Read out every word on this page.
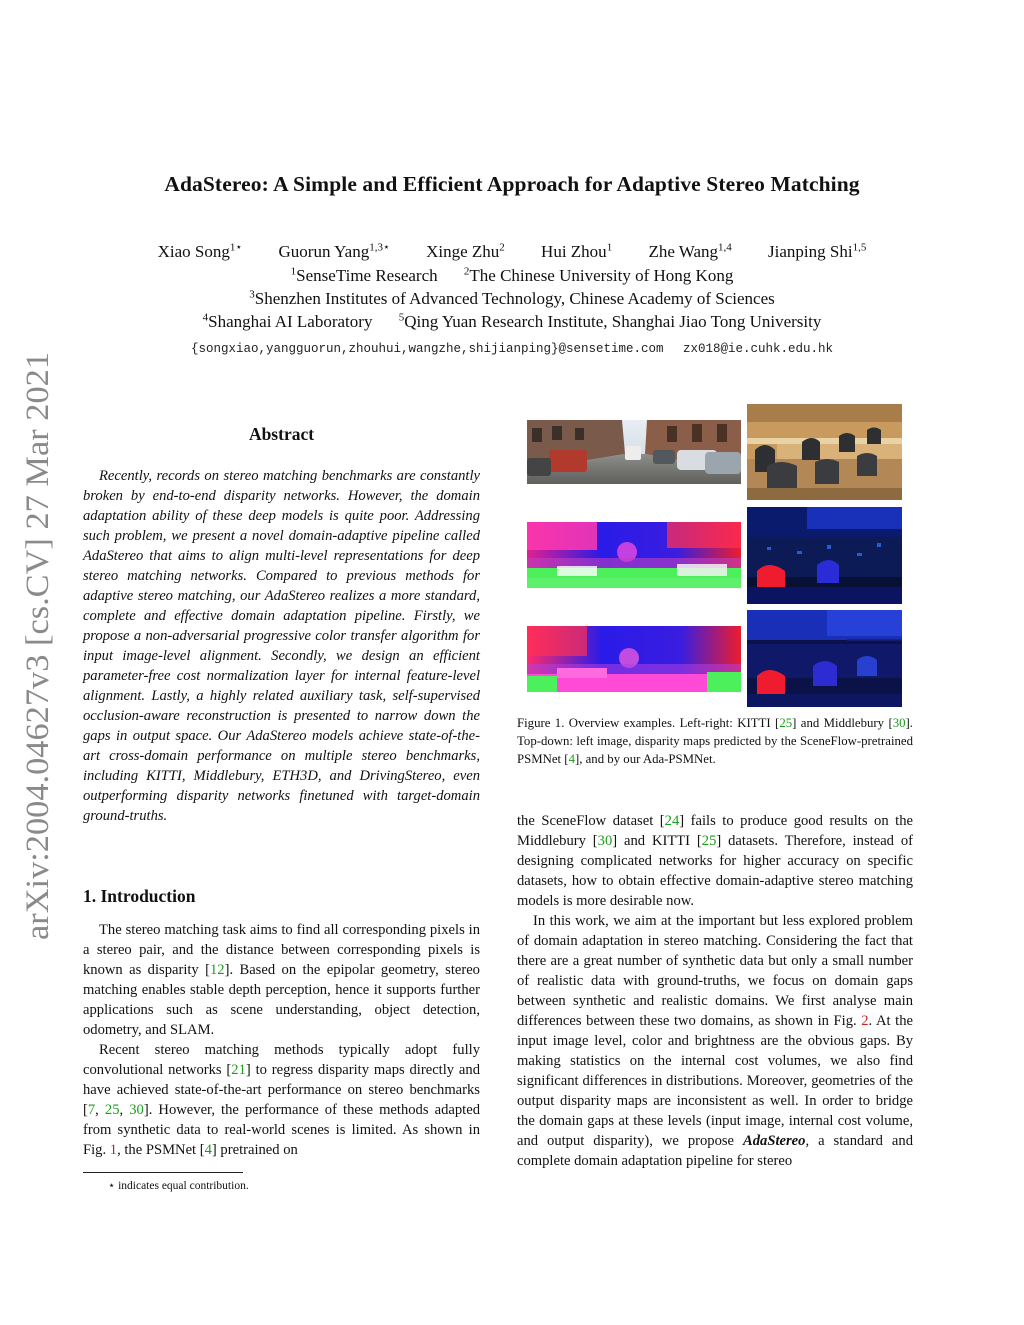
arXiv:2004.04627v3 [cs.CV] 27 Mar 2021
AdaStereo: A Simple and Efficient Approach for Adaptive Stereo Matching
Xiao Song$^{1⋆}$ Guorun Yang$^{1,3⋆}$ Xinge Zhu$^2$ Hui Zhou$^1$ Zhe Wang$^{1,4}$ Jianping Shi$^{1,5}$
$^1$SenseTime Research $^2$The Chinese University of Hong Kong
$^3$Shenzhen Institutes of Advanced Technology, Chinese Academy of Sciences
$^4$Shanghai AI Laboratory $^5$Qing Yuan Research Institute, Shanghai Jiao Tong University
{songxiao,yangguorun,zhouhui,wangzhe,shijianping}@sensetime.com zx018@ie.cuhk.edu.hk
Abstract

Recently, records on stereo matching benchmarks are constantly broken by end-to-end disparity networks. However, the domain adaptation ability of these deep models is quite poor. Addressing such problem, we present a novel domain-adaptive pipeline called AdaStereo that aims to align multi-level representations for deep stereo matching networks. Compared to previous methods for adaptive stereo matching, our AdaStereo realizes a more standard, complete and effective domain adaptation pipeline. Firstly, we propose a non-adversarial progressive color transfer algorithm for input image-level alignment. Secondly, we design an efficient parameter-free cost normalization layer for internal feature-level alignment. Lastly, a highly related auxiliary task, self-supervised occlusion-aware reconstruction is presented to narrow down the gaps in output space. Our AdaStereo models achieve state-of-the-art cross-domain performance on multiple stereo benchmarks, including KITTI, Middlebury, ETH3D, and DrivingStereo, even outperforming disparity networks finetuned with target-domain ground-truths.

1. Introduction

The stereo matching task aims to find all corresponding pixels in a stereo pair, and the distance between corresponding pixels is known as disparity [12]. Based on the epipolar geometry, stereo matching enables stable depth perception, hence it supports further applications such as scene understanding, object detection, odometry, and SLAM.

Recent stereo matching methods typically adopt fully convolutional networks [21] to regress disparity maps directly and have achieved state-of-the-art performance on stereo benchmarks [7, 25, 30]. However, the performance of these methods adapted from synthetic data to real-world scenes is limited. As shown in Fig. 1, the PSMNet [4] pretrained on

⋆ indicates equal contribution.
Figure 1. Overview examples. Left-right: KITTI [25] and Middlebury [30]. Top-down: left image, disparity maps predicted by the SceneFlow-pretrained PSMNet [4], and by our Ada-PSMNet.

the SceneFlow dataset [24] fails to produce good results on the Middlebury [30] and KITTI [25] datasets. Therefore, instead of designing complicated networks for higher accuracy on specific datasets, how to obtain effective domain-adaptive stereo matching models is more desirable now.

In this work, we aim at the important but less explored problem of domain adaptation in stereo matching. Considering the fact that there are a great number of synthetic data but only a small number of realistic data with ground-truths, we focus on domain gaps between synthetic and realistic domains. We first analyse main differences between these two domains, as shown in Fig. 2. At the input image level, color and brightness are the obvious gaps. By making statistics on the internal cost volumes, we also find significant differences in distributions. Moreover, geometries of the output disparity maps are inconsistent as well. In order to bridge the domain gaps at these levels (input image, internal cost volume, and output disparity), we propose AdaStereo, a standard and complete domain adaptation pipeline for stereo
